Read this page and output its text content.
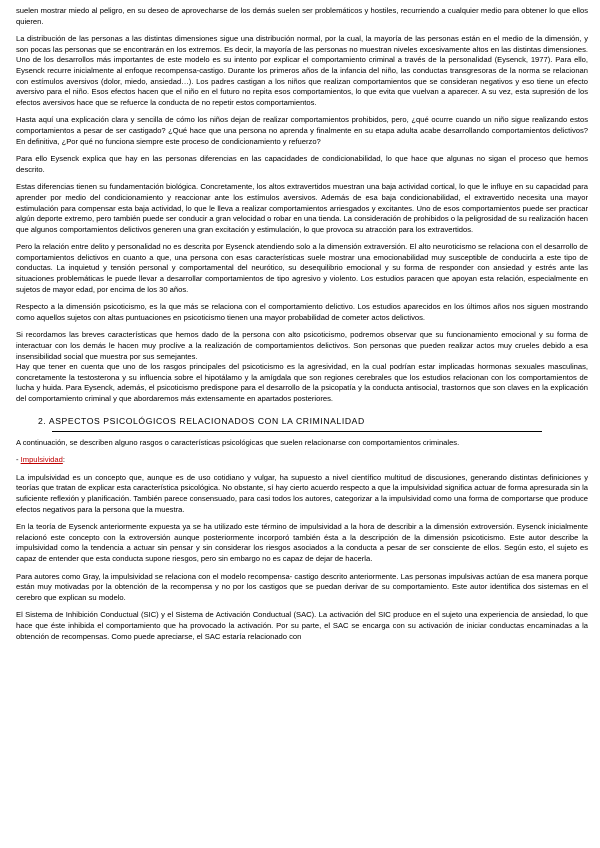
suelen mostrar miedo al peligro, en su deseo de aprovecharse de los demás suelen ser problemáticos y hostiles, recurriendo a cualquier medio para obtener lo que ellos quieren.

La distribución de las personas a las distintas dimensiones sigue una distribución normal, por la cual, la mayoría de las personas están en el medio de la dimensión, y son pocas las personas que se encontrarán en los extremos. Es decir, la mayoría de las personas no muestran niveles excesivamente altos en las distintas dimensiones. Uno de los desarrollos más importantes de este modelo es su intento por explicar el comportamiento criminal a través de la personalidad (Eysenck, 1977). Para ello, Eysenck recurre inicialmente al enfoque recompensa-castigo. Durante los primeros años de la infancia del niño, las conductas transgresoras de la norma se relacionan con estímulos aversivos (dolor, miedo, ansiedad…). Los padres castigan a los niños que realizan comportamientos que se consideran negativos y eso tiene un efecto aversivo para el niño. Esos efectos hacen que el niño en el futuro no repita esos comportamientos, lo que evita que vuelvan a aparecer. A su vez, esta supresión de los efectos aversivos hace que se refuerce la conducta de no repetir estos comportamientos.

Hasta aquí una explicación clara y sencilla de cómo los niños dejan de realizar comportamientos prohibidos, pero, ¿qué ocurre cuando un niño sigue realizando estos comportamientos a pesar de ser castigado? ¿Qué hace que una persona no aprenda y finalmente en su etapa adulta acabe desarrollando comportamientos delictivos? En definitiva, ¿Por qué no funciona siempre este proceso de condicionamiento y refuerzo?

Para ello Eysenck explica que hay en las personas diferencias en las capacidades de condicionabilidad, lo que hace que algunas no sigan el proceso que hemos descrito.

Estas diferencias tienen su fundamentación biológica. Concretamente, los altos extravertidos muestran una baja actividad cortical, lo que le influye en su capacidad para aprender por medio del condicionamiento y reaccionar ante los estímulos aversivos. Además de esa baja condicionabilidad, el extravertido necesita una mayor estimulación para compensar esta baja actividad, lo que le lleva a realizar comportamientos arriesgados y excitantes. Uno de esos comportamientos puede ser practicar algún deporte extremo, pero también puede ser conducir a gran velocidad o robar en una tienda. La consideración de prohibidos o la peligrosidad de su realización hacen que algunos comportamientos delictivos generen una gran excitación y estimulación, lo que provoca su atracción para los extravertidos.

Pero la relación entre delito y personalidad no es descrita por Eysenck atendiendo solo a la dimensión extraversión. El alto neuroticismo se relaciona con el desarrollo de comportamientos delictivos en cuanto a que, una persona con esas características suele mostrar una emocionabilidad muy susceptible de conducirla a este tipo de conductas. La inquietud y tensión personal y comportamental del neurótico, su desequilibrio emocional y su forma de responder con ansiedad y estrés ante las situaciones problemáticas le puede llevar a desarrollar comportamientos de tipo agresivo y violento. Los estudios paracen que apoyan esta relación, especialmente en sujetos de mayor edad, por encima de los 30 años.

Respecto a la dimensión psicoticismo, es la que más se relaciona con el comportamiento delictivo. Los estudios aparecidos en los últimos años nos siguen mostrando como aquellos sujetos con altas puntuaciones en psicoticismo tienen una mayor probabilidad de cometer actos delictivos.

Si recordamos las breves características que hemos dado de la persona con alto psicoticismo, podremos observar que su funcionamiento emocional y su forma de interactuar con los demás le hacen muy proclive a la realización de comportamientos delictivos. Son personas que pueden realizar actos muy crueles debido a esa insensibilidad social que muestra por sus semejantes.

Hay que tener en cuenta que uno de los rasgos principales del psicoticismo es la agresividad, en la cual podrían estar implicadas hormonas sexuales masculinas, concretamente la testosterona y su influencia sobre el hipotálamo y la amígdala que son regiones cerebrales que los estudios relacionan con los comportamientos de lucha y huida. Para Eysenck, además, el psicoticismo predispone para el desarrollo de la psicopatía y la conducta antisocial, trastornos que son claves en la explicación del comportamiento criminal y que abordaremos más extensamente en apartados posteriores.

2. ASPECTOS PSICOLÓGICOS RELACIONADOS CON LA CRIMINALIDAD

A continuación, se describen alguno rasgos o características psicológicas que suelen relacionarse con comportamientos criminales.

- Impulsividad:

La impulsividad es un concepto que, aunque es de uso cotidiano y vulgar, ha supuesto a nivel científico multitud de discusiones, generando distintas definiciones y teorías que tratan de explicar esta característica psicológica. No obstante, sí hay cierto acuerdo respecto a que la impulsividad significa actuar de forma apresurada sin la suficiente reflexión y planificación. También parece consensuado, para casi todos los autores, categorizar a la impulsividad como una forma de comportarse que produce efectos negativos para la persona que la muestra.

En la teoría de Eysenck anteriormente expuesta ya se ha utilizado este término de impulsividad a la hora de describir a la dimensión extroversión. Eysenck inicialmente relacionó este concepto con la extroversión aunque posteriormente incorporó también ésta a la descripción de la dimensión psicoticismo. Este autor describe la impulsividad como la tendencia a actuar sin pensar y sin considerar los riesgos asociados a la conducta a pesar de ser consciente de ellos. Según esto, el sujeto es capaz de entender que esta conducta supone riesgos, pero sin embargo no es capaz de dejar de hacerla.

Para autores como Gray, la impulsividad se relaciona con el modelo recompensa- castigo descrito anteriormente. Las personas impulsivas actúan de esa manera porque están muy motivadas por la obtención de la recompensa y no por los castigos que se puedan derivar de su comportamiento. Este autor identifica dos sistemas en el cerebro que explican su modelo.

El Sistema de Inhibición Conductual (SIC) y el Sistema de Activación Conductual (SAC). La activación del SIC produce en el sujeto una experiencia de ansiedad, lo que hace que éste inhibida el comportamiento que ha provocado la activación. Por su parte, el SAC se encarga con su activación de iniciar conductas encaminadas a la obtención de recompensas. Como puede apreciarse, el SAC estaría relacionado con
